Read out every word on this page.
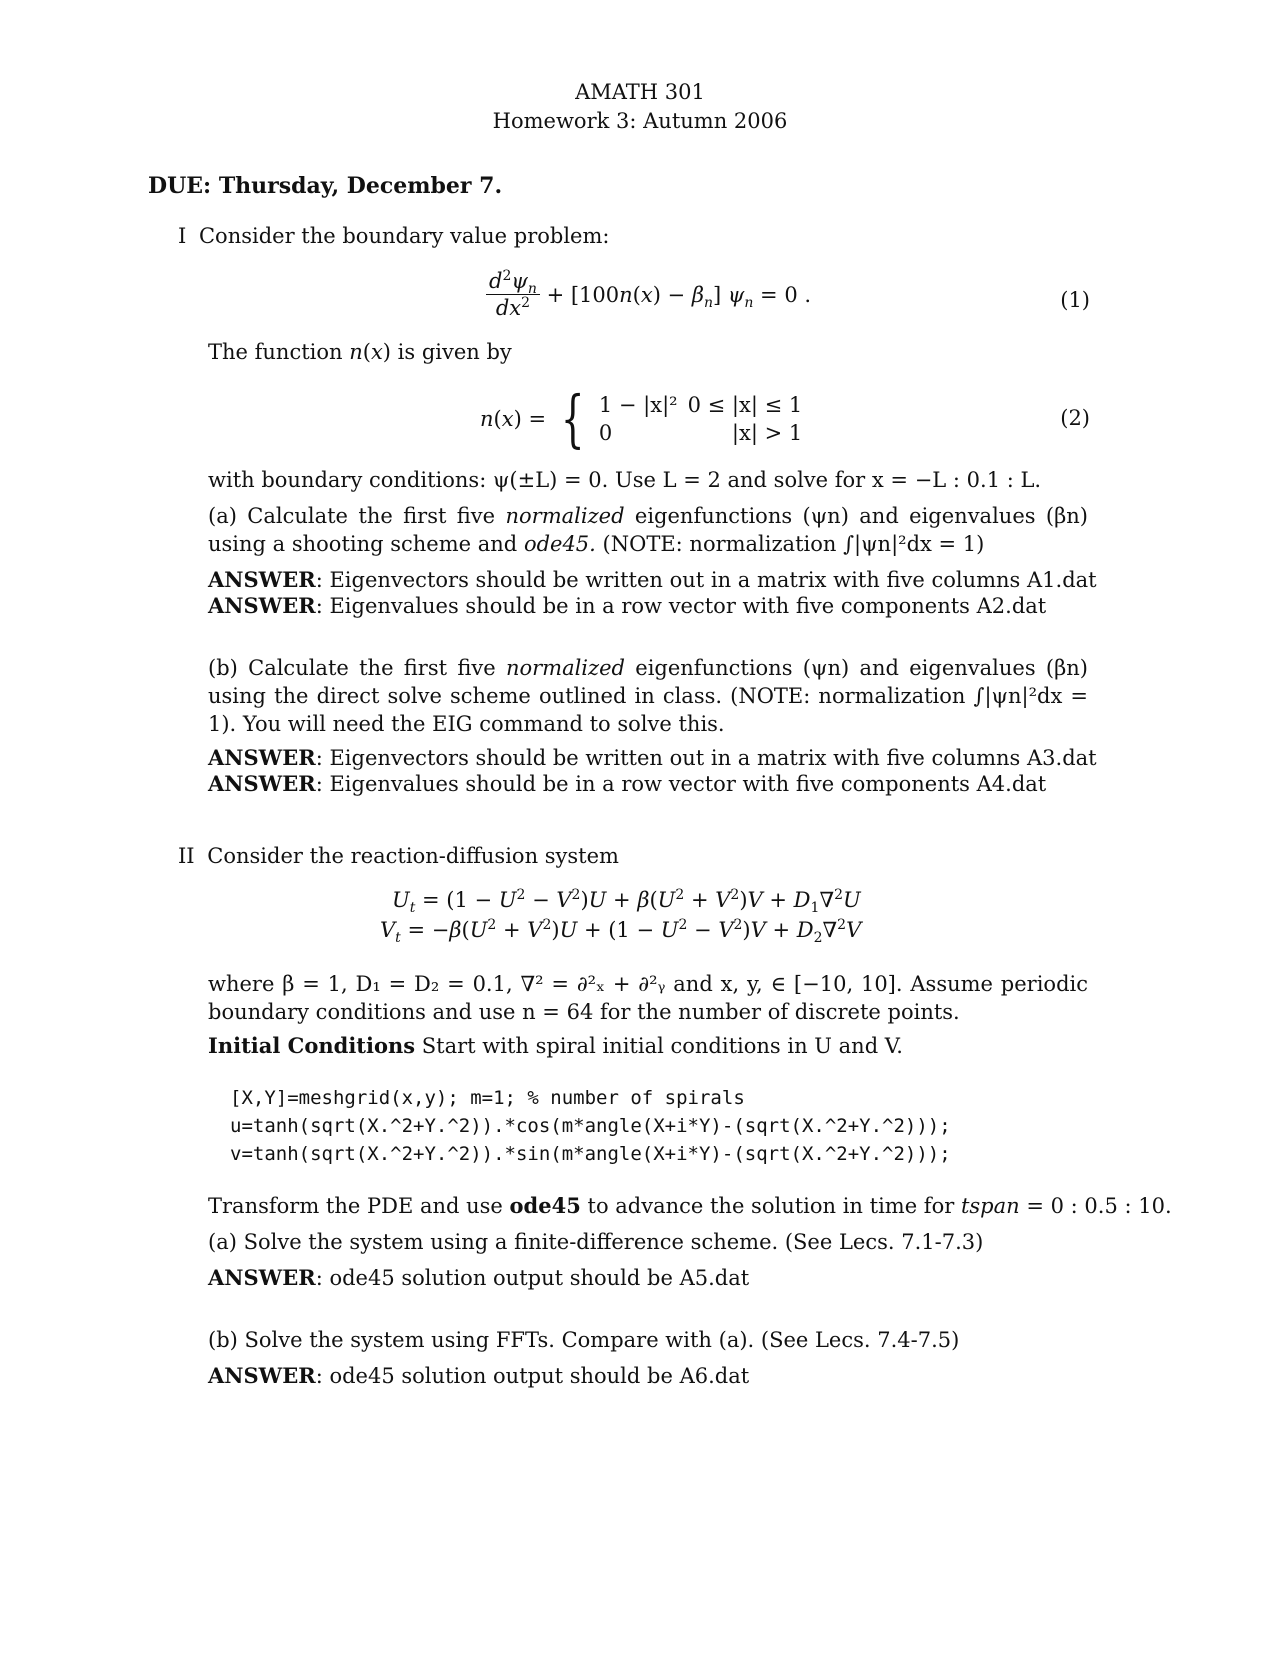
AMATH 301
Homework 3: Autumn 2006
DUE: Thursday, December 7.
I Consider the boundary value problem:
$\frac{d^2\psi_n}{dx^2} + [100n(x) - \beta_n] \psi_n = 0$ .	(1)
The function n(x) is given by
n(x) = { 1 − |x|²	0 ≤ |x| ≤ 1
0	|x| > 1
(2)
with boundary conditions: ψ(±L) = 0. Use L = 2 and solve for x = −L : 0.1 : L.
(a) Calculate the first five normalized eigenfunctions (ψn) and eigenvalues (βn) using a shooting scheme and ode45. (NOTE: normalization ∫|ψn|²dx = 1)
ANSWER: Eigenvectors should be written out in a matrix with five columns A1.dat
ANSWER: Eigenvalues should be in a row vector with five components A2.dat
(b) Calculate the first five normalized eigenfunctions (ψn) and eigenvalues (βn) using the direct solve scheme outlined in class. (NOTE: normalization ∫|ψn|²dx = 1). You will need the EIG command to solve this.
ANSWER: Eigenvectors should be written out in a matrix with five columns A3.dat
ANSWER: Eigenvalues should be in a row vector with five components A4.dat
II Consider the reaction-diffusion system
$U_t = (1 - U^2 - V^2)U + \beta(U^2 + V^2)V + D_1\nabla^2U$
$V_t = -\beta(U^2 + V^2)U + (1 - U^2 - V^2)V + D_2\nabla^2V$
where β = 1, D₁ = D₂ = 0.1, ∇² = ∂²ₓ + ∂²ᵧ and x, y, ∈ [−10, 10]. Assume periodic boundary conditions and use n = 64 for the number of discrete points.
Initial Conditions Start with spiral initial conditions in U and V.
[X,Y]=meshgrid(x,y); m=1; % number of spirals
u=tanh(sqrt(X.^2+Y.^2)).*cos(m*angle(X+i*Y)-(sqrt(X.^2+Y.^2)));
v=tanh(sqrt(X.^2+Y.^2)).*sin(m*angle(X+i*Y)-(sqrt(X.^2+Y.^2)));
Transform the PDE and use ode45 to advance the solution in time for tspan = 0 : 0.5 : 10.
(a) Solve the system using a finite-difference scheme. (See Lecs. 7.1-7.3)
ANSWER: ode45 solution output should be A5.dat
(b) Solve the system using FFTs. Compare with (a). (See Lecs. 7.4-7.5)
ANSWER: ode45 solution output should be A6.dat
